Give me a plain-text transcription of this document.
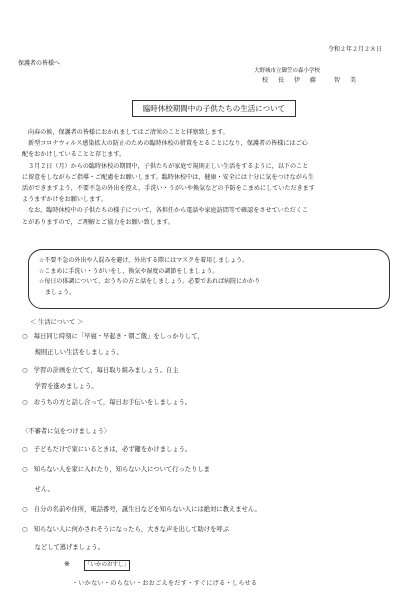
令和２年２月２８日
保護者の皆様へ
大野城市立御笠の森小学校
校　長　伊　藤　　智　美
臨時休校期間中の子供たちの生活について

向春の候，保護者の皆様におかれましてはご清栄のことと拝察致します。

新型コロナウィルス感染拡大の防止のための臨時休校の措置をとることになり，保護者の皆様にはご心

配をおかけしていることと存じます。

３月２日（月）からの臨時休校の期間中，子供たちが家庭で規則正しい生活をするように，以下のこと

に留意をしながらご指導・ご配慮をお願いします。臨時休校中は，健康・安全には十分に気をつけながら生

活ができますよう，不要不急の外出を控え，手洗い・うがいや換気などの予防をこまめにしていただきます

ようまずかけをお願いします。

なお，臨時休校中の子供たちの様子について，各担任から電話や家庭訪問等で確認をさせていただくこ

とがありますので，ご理解とご協力をお願い致します。

☆不要不急の外出や人混みを避け，外出する際にはマスクを着用しましょう。
☆こまめに手洗い・うがいをし，換気や湿度の調節をしましょう。
☆毎日の体調について，おうちの方と話をしましょう。必要であれば病院にかかり
　ましょう。
＜ 生活について ＞
○　毎日同じ時刻に「早寝・早起き・朝ご飯」をしっかりして，
　　規則正しい生活をしましょう。
○　学習の計画を立てて，毎日取り組みましょう。自主
　　学習を進めましょう。
○　おうちの方と話し合って，毎日お手伝いをしましょう。
〈不審者に気をつけましょう〉
○　子どもだけで家にいるときは，必ず鍵をかけましょう。
○　知らない人を家に入れたり，知らない人について行ったりしま
　　せん。
○　自分の名前や住所，電話番号，誕生日などを知らない人には絶対に教えません。
○　知らない人に何かされそうになったら，大きな声を出して助けを呼ぶ
　　などして逃げましょう。
※	「いかのおすし」
・いかない・のらない・おおごえをだす・すぐにげる・しらせる
